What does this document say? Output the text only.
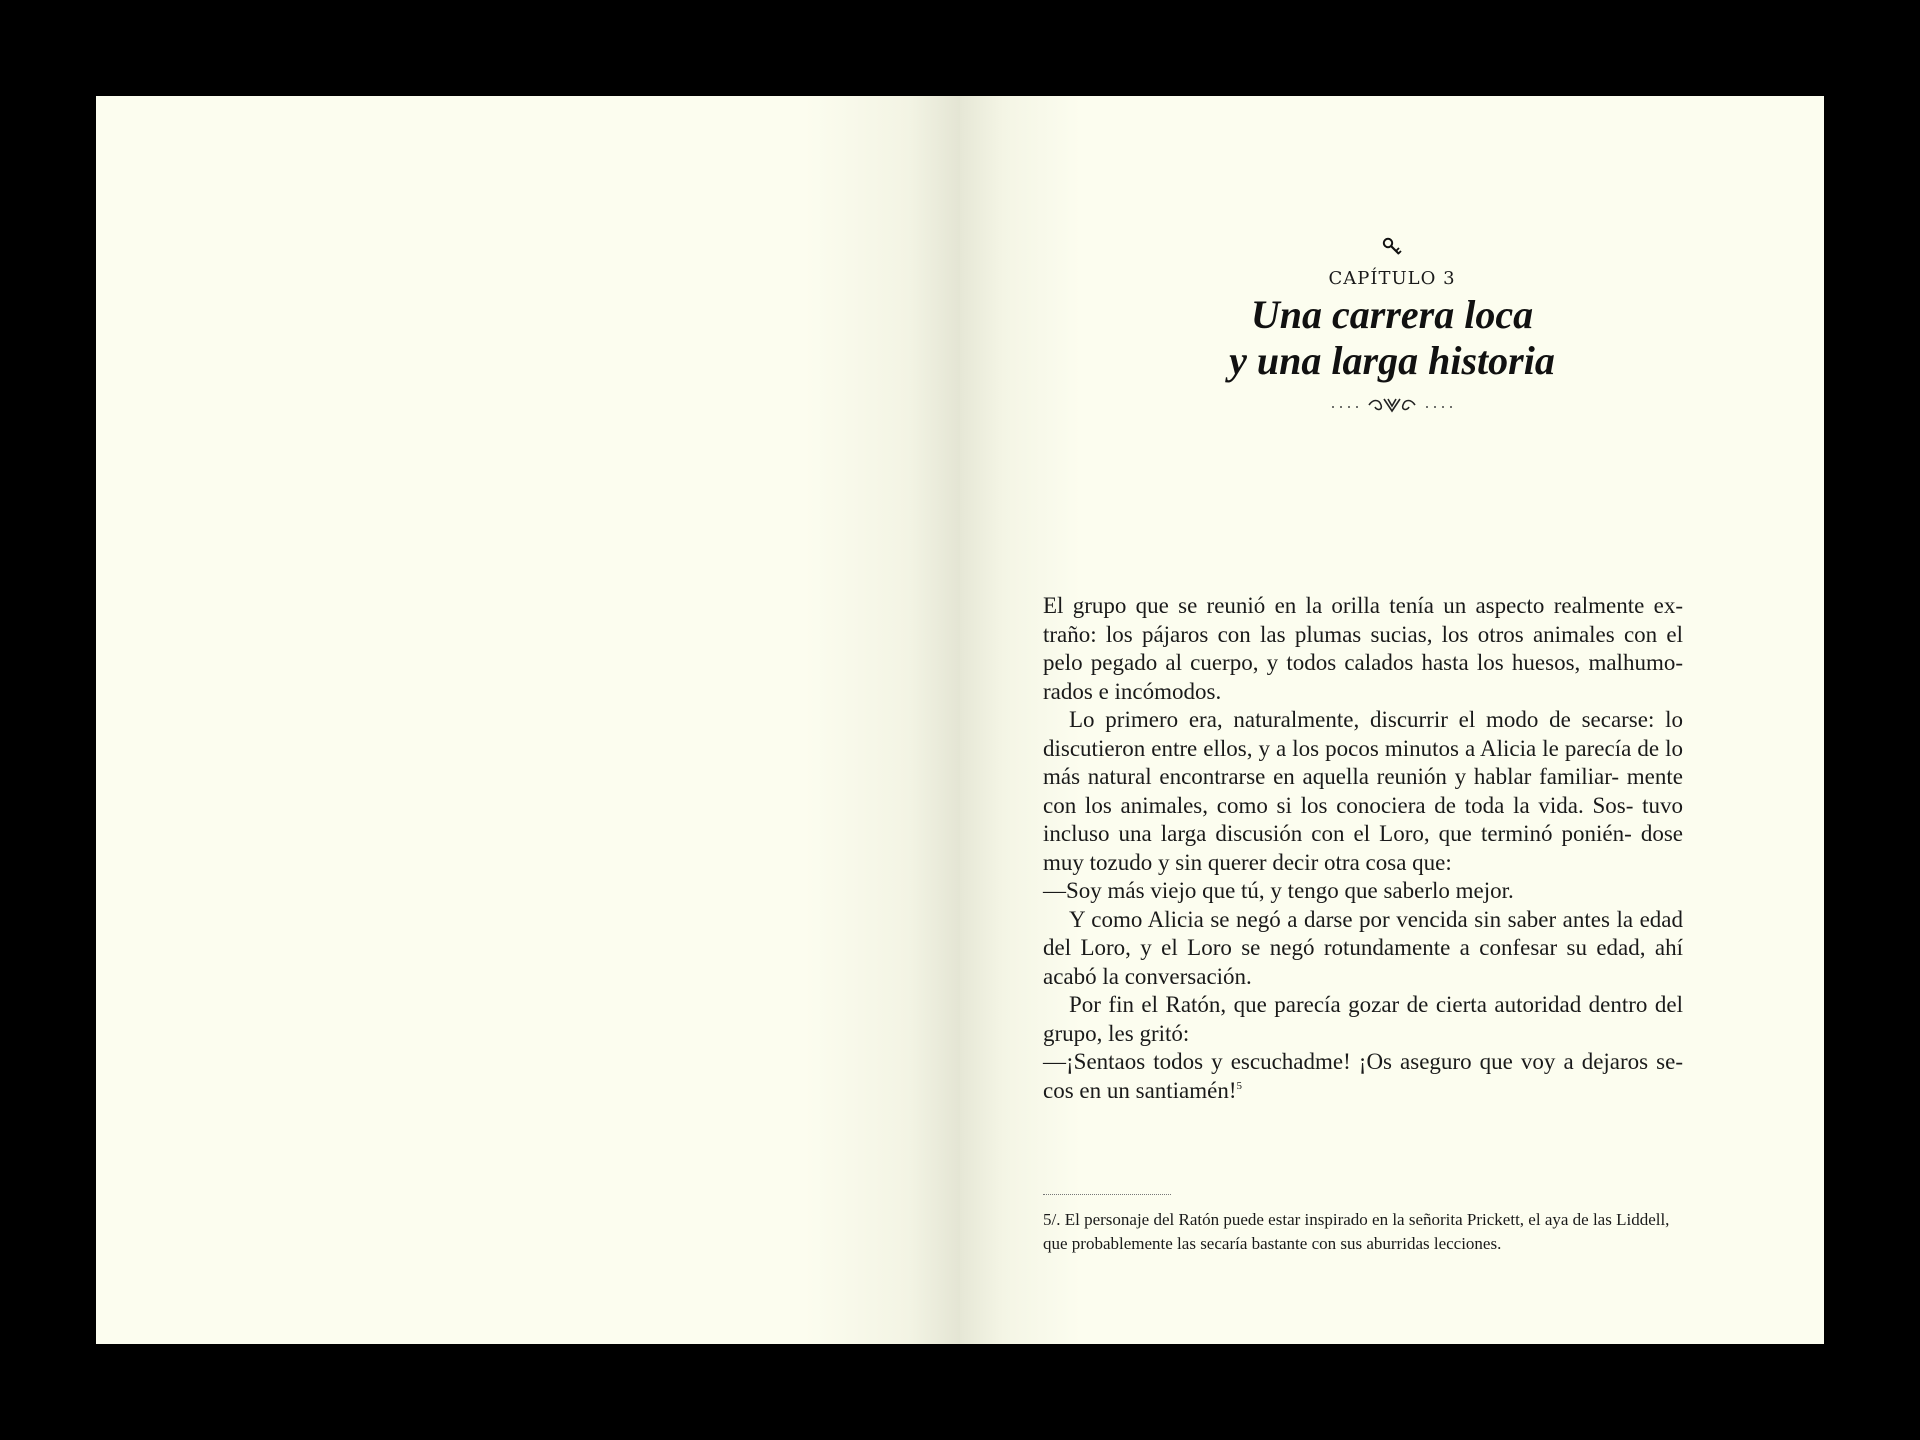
CAPÍTULO 3
Una carrera loca
y una larga historia

El grupo que se reunió en la orilla tenía un aspecto realmente ex- traño: los pájaros con las plumas sucias, los otros animales con el pelo pegado al cuerpo, y todos calados hasta los huesos, malhumo- rados e incómodos.

Lo primero era, naturalmente, discurrir el modo de secarse: lo discutieron entre ellos, y a los pocos minutos a Alicia le parecía de lo más natural encontrarse en aquella reunión y hablar familiar- mente con los animales, como si los conociera de toda la vida. Sos- tuvo incluso una larga discusión con el Loro, que terminó ponién- dose muy tozudo y sin querer decir otra cosa que:

—Soy más viejo que tú, y tengo que saberlo mejor.

Y como Alicia se negó a darse por vencida sin saber antes la edad del Loro, y el Loro se negó rotundamente a confesar su edad, ahí acabó la conversación.

Por fin el Ratón, que parecía gozar de cierta autoridad dentro del grupo, les gritó:

—¡Sentaos todos y escuchadme! ¡Os aseguro que voy a dejaros se- cos en un santiamén!$^5$

5/. El personaje del Ratón puede estar inspirado en la señorita Prickett, el aya de las Liddell, que probablemente las secaría bastante con sus aburridas lecciones.
